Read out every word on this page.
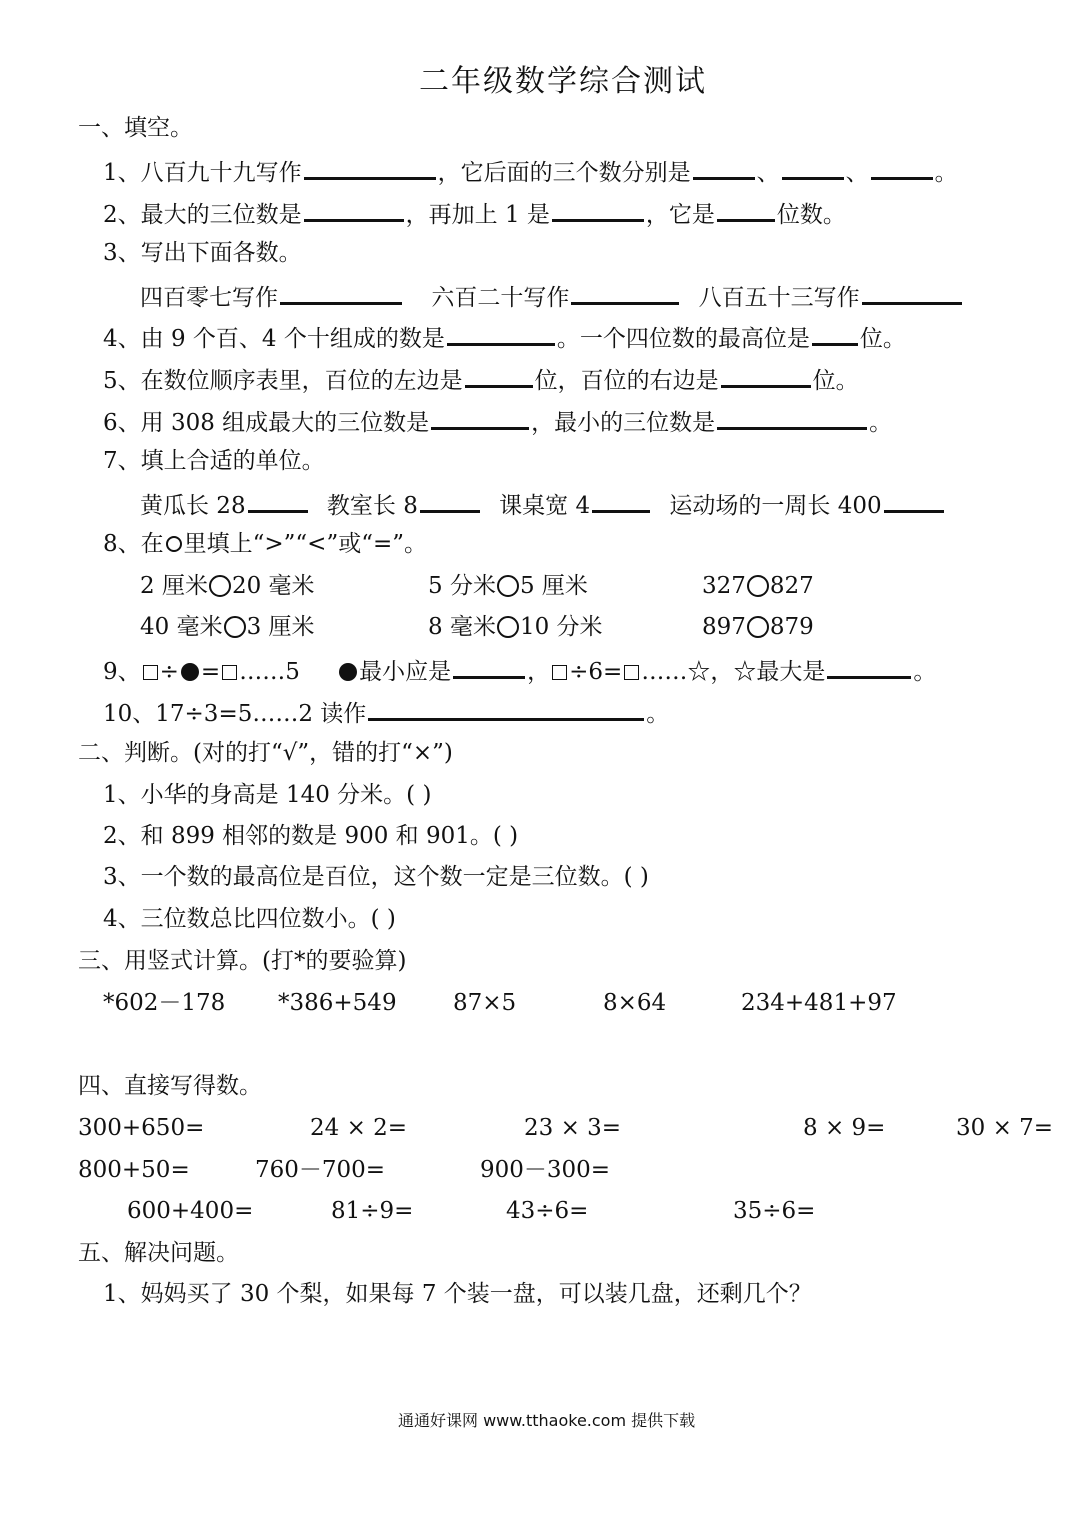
二年级数学综合测试
一、填空。
1、八百九十九写作	，它后面的三个数分别是	、	、	。
2、最大的三位数是	，再加上 1 是	，它是	位数。
3、写出下面各数。
四百零七写作	六百二十写作	八百五十三写作
4、由 9 个百、4 个十组成的数是	。一个四位数的最高位是 位。
5、在数位顺序表里，百位的左边是	位，百位的右边是	位。
6、用 308 组成最大的三位数是	，最小的三位数是	。
7、填上合适的单位。
黄瓜长 28	教室长 8	课桌宽 4	运动场的一周长 400
8、在 里填上“>”“<”或“=”。
2 厘米 20 毫米	5 分米 5 厘米	327 827
40 毫米 3 厘米	8 毫米 10 分米	897 879
9、 ÷ = ……5	最小应是	， ÷6= ……☆，☆最大是	。
10、17÷3=5……2 读作	。
二、判断。(对的打“√”，错的打“×”)
1、小华的身高是 140 分米。( )
2、和 899 相邻的数是 900 和 901。( )
3、一个数的最高位是百位，这个数一定是三位数。( )
4、三位数总比四位数小。( )
三、用竖式计算。(打*的要验算)
*602－178 *386+549 87×5	8×64	234+481+97
四、直接写得数。
300+650=	24 × 2=	23 × 3=	8 × 9=	30 × 7=
800+50=	760－700=	900－300=
600+400=	81÷9=	43÷6=	35÷6=
五、解决问题。
1、妈妈买了 30 个梨，如果每 7 个装一盘，可以装几盘，还剩几个？
通通好课网 www.tthaoke.com 提供下载
